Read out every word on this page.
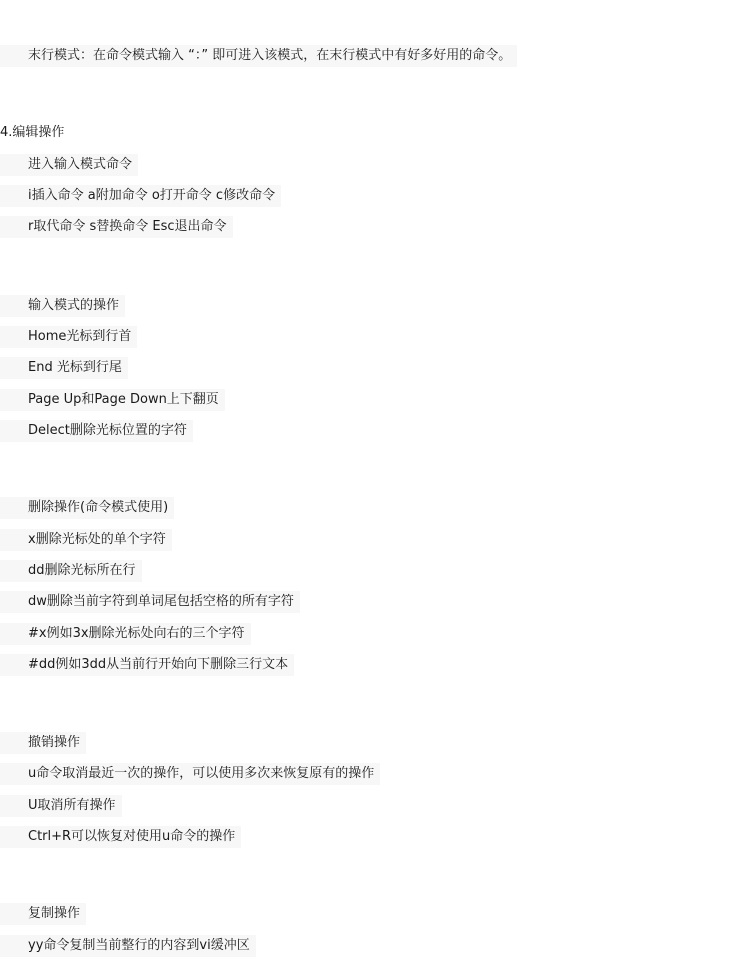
末行模式：在命令模式输入 “：” 即可进入该模式，在末行模式中有好多好用的命令。
4.编辑操作
进入输入模式命令
i插入命令 a附加命令 o打开命令 c修改命令
r取代命令 s替换命令 Esc退出命令
输入模式的操作
Home光标到行首
End 光标到行尾
Page Up和Page Down上下翻页
Delect删除光标位置的字符
删除操作(命令模式使用)
x删除光标处的单个字符
dd删除光标所在行
dw删除当前字符到单词尾包括空格的所有字符
#x例如3x删除光标处向右的三个字符
#dd例如3dd从当前行开始向下删除三行文本
撤销操作
u命令取消最近一次的操作，可以使用多次来恢复原有的操作
U取消所有操作
Ctrl+R可以恢复对使用u命令的操作
复制操作
yy命令复制当前整行的内容到vi缓冲区
